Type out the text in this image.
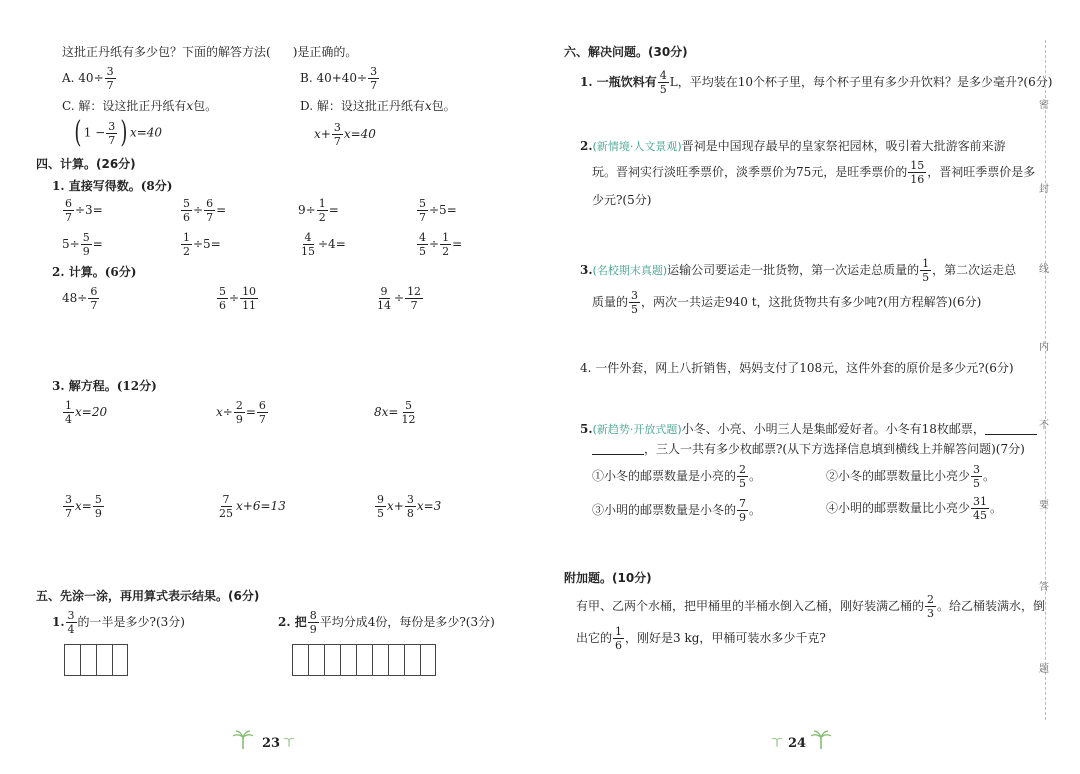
这批正丹纸有多少包？下面的解答方法( )是正确的。
A. $40\div \frac{3}{7}$	B. $40+40\div \frac{3}{7}$
C. 解：设这批正丹纸有x包。	D. 解：设这批正丹纸有x包。
( $1 - \frac{3}{7}$ ) x=40	$x+ \frac{3}{7} x=40$
四、计算。(26分)
1. 直接写得数。(8分)
$\frac{6}{7} \div 3=$	$\frac{5}{6} \div \frac{6}{7}$ =	$9\div \frac{1}{2}$ =	$\frac{5}{7} \div 5=$
$5\div \frac{5}{9}$ =	$\frac{1}{2} \div 5=$	$\frac{4}{15} \div 4=$	$\frac{4}{5} \div \frac{1}{2}$ =
2. 计算。(6分)
$48\div \frac{6}{7}$	$\frac{5}{6} \div \frac{10}{11}$	$\frac{9}{14} \div \frac{12}{7}$
3. 解方程。(12分)
$\frac{1}{4} x=20$	$x\div \frac{2}{9} = \frac{6}{7}$	$8x= \frac{5}{12}$
$\frac{3}{7} x= \frac{5}{9}$	$\frac{7}{25} x+6=13$	$\frac{9}{5} x+ \frac{3}{8} x=3$
五、先涂一涂，再用算式表示结果。(6分)
1. $\frac{3}{4}$ 的一半是多少?(3分)	2. 把 $\frac{8}{9}$ 平均分成4份，每份是多少?(3分)
23
六、解决问题。(30分)
1. 一瓶饮料有 $\frac{4}{5}$ L，平均装在10个杯子里，每个杯子里有多少升饮料？是多少毫升?(6分)
2.(新情境·人文景观)晋祠是中国现存最早的皇家祭祀园林，吸引着大批游客前来游
玩。晋祠实行淡旺季票价，淡季票价为75元，是旺季票价的 $\frac{15}{16}$ ，晋祠旺季票价是多
少元?(5分)
3.(名校期末真题)运输公司要运走一批货物，第一次运走总质量的 $\frac{1}{5}$ ，第二次运走总
质量的 $\frac{3}{5}$ ，两次一共运走940 t，这批货物共有多少吨?(用方程解答)(6分)
4. 一件外套，网上八折销售，妈妈支付了108元，这件外套的原价是多少元?(6分)
5.(新趋势·开放式题)小冬、小亮、小明三人是集邮爱好者。小冬有18枚邮票，
，三人一共有多少枚邮票?(从下方选择信息填到横线上并解答问题)(7分)
①小冬的邮票数量是小亮的 $\frac{2}{5}$ 。	②小冬的邮票数量比小亮少 $\frac{3}{5}$ 。
③小明的邮票数量是小冬的 $\frac{7}{9}$ 。	④小明的邮票数量比小亮少 $\frac{31}{45}$ 。
附加题。(10分)
有甲、乙两个水桶，把甲桶里的半桶水倒入乙桶，刚好装满乙桶的 $\frac{2}{3}$ 。给乙桶装满水，倒
出它的 $\frac{1}{6}$ ，刚好是3 kg，甲桶可装水多少千克?
24
密
封
线
内
不
要
答
题
